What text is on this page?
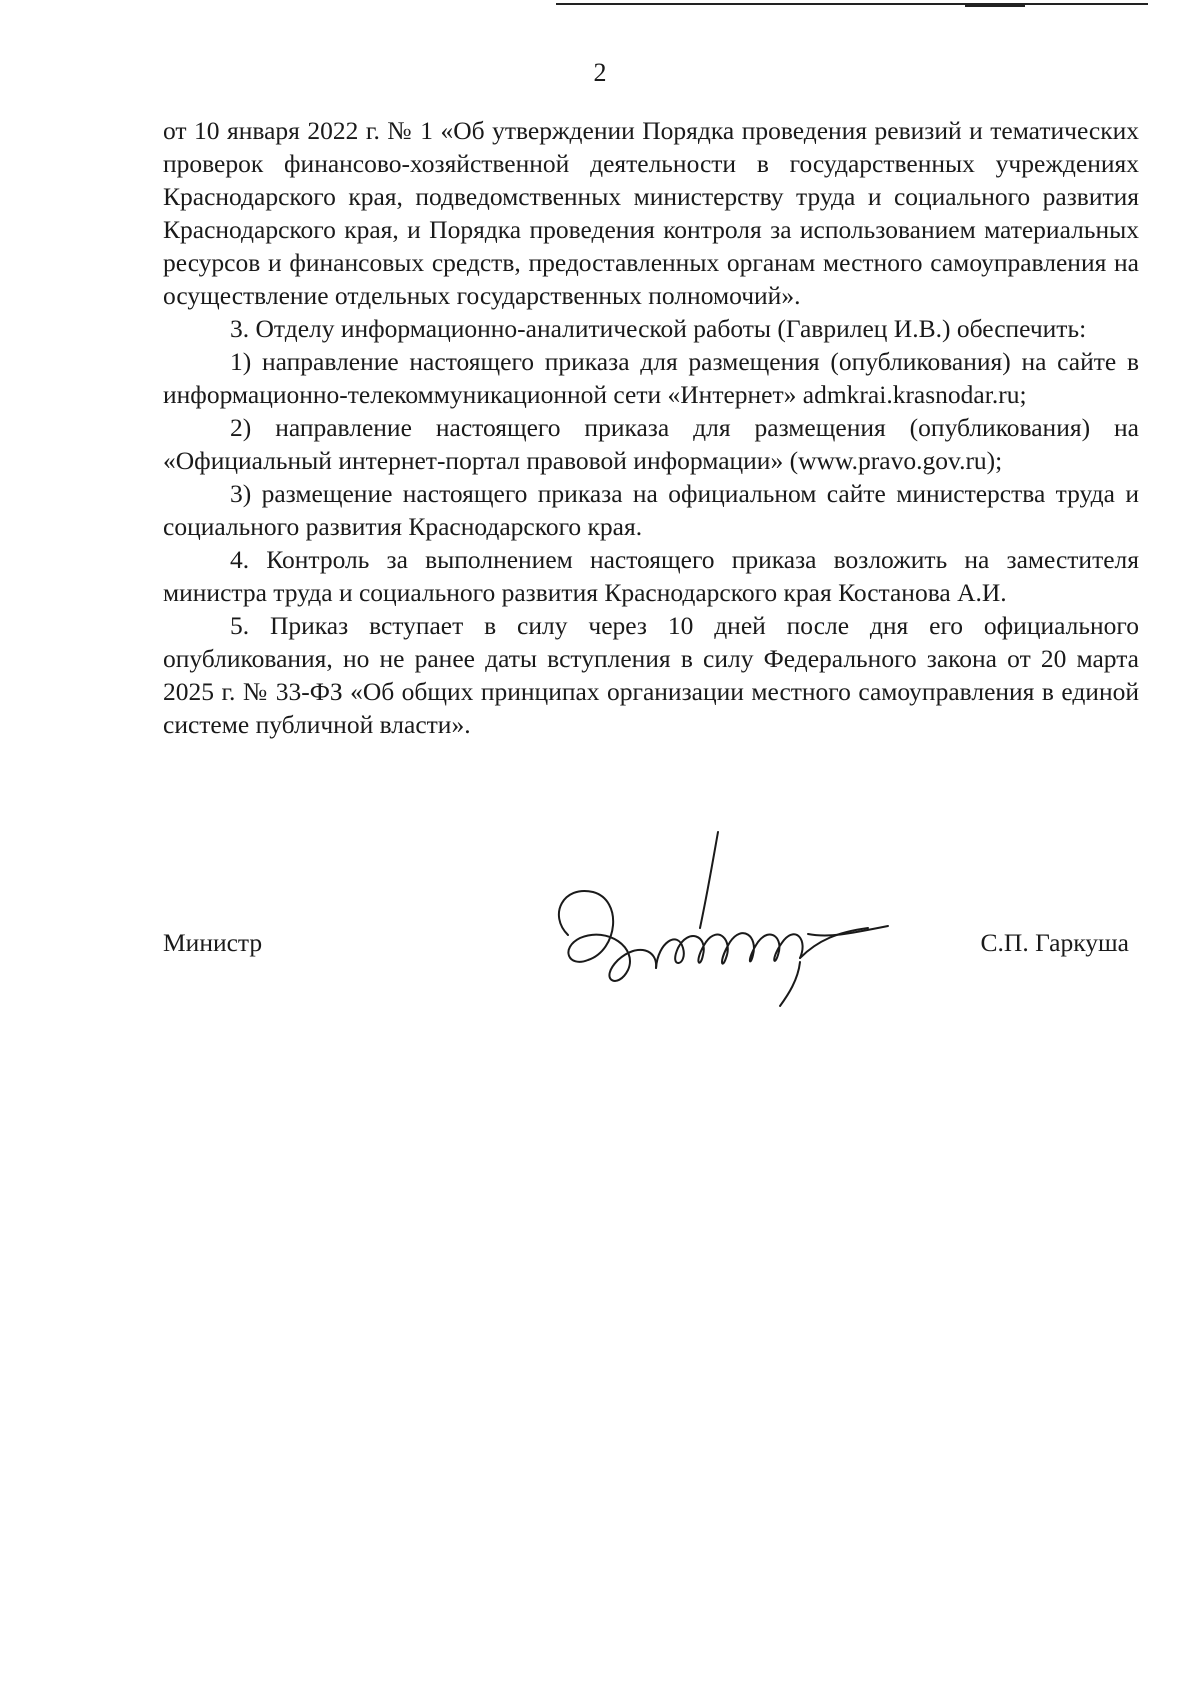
2

от 10 января 2022 г. № 1 «Об утверждении Порядка проведения ревизий и тематических проверок финансово-хозяйственной деятельности в государственных учреждениях Краснодарского края, подведомственных министерству труда и социального развития Краснодарского края, и Порядка проведения контроля за использованием материальных ресурсов и финансовых средств, предоставленных органам местного самоуправления на осуществление отдельных государственных полномочий».

3. Отделу информационно-аналитической работы (Гаврилец И.В.) обеспечить:

1) направление настоящего приказа для размещения (опубликования) на сайте в информационно-телекоммуникационной сети «Интернет» admkrai.krasnodar.ru;

2) направление настоящего приказа для размещения (опубликования) на «Официальный интернет-портал правовой информации» (www.pravo.gov.ru);

3) размещение настоящего приказа на официальном сайте министерства труда и социального развития Краснодарского края.

4. Контроль за выполнением настоящего приказа возложить на заместителя министра труда и социального развития Краснодарского края Костанова А.И.

5. Приказ вступает в силу через 10 дней после дня его официального опубликования, но не ранее даты вступления в силу Федерального закона от 20 марта 2025 г. № 33-ФЗ «Об общих принципах организации местного самоуправления в единой системе публичной власти».

Министр	С.П. Гаркуша
